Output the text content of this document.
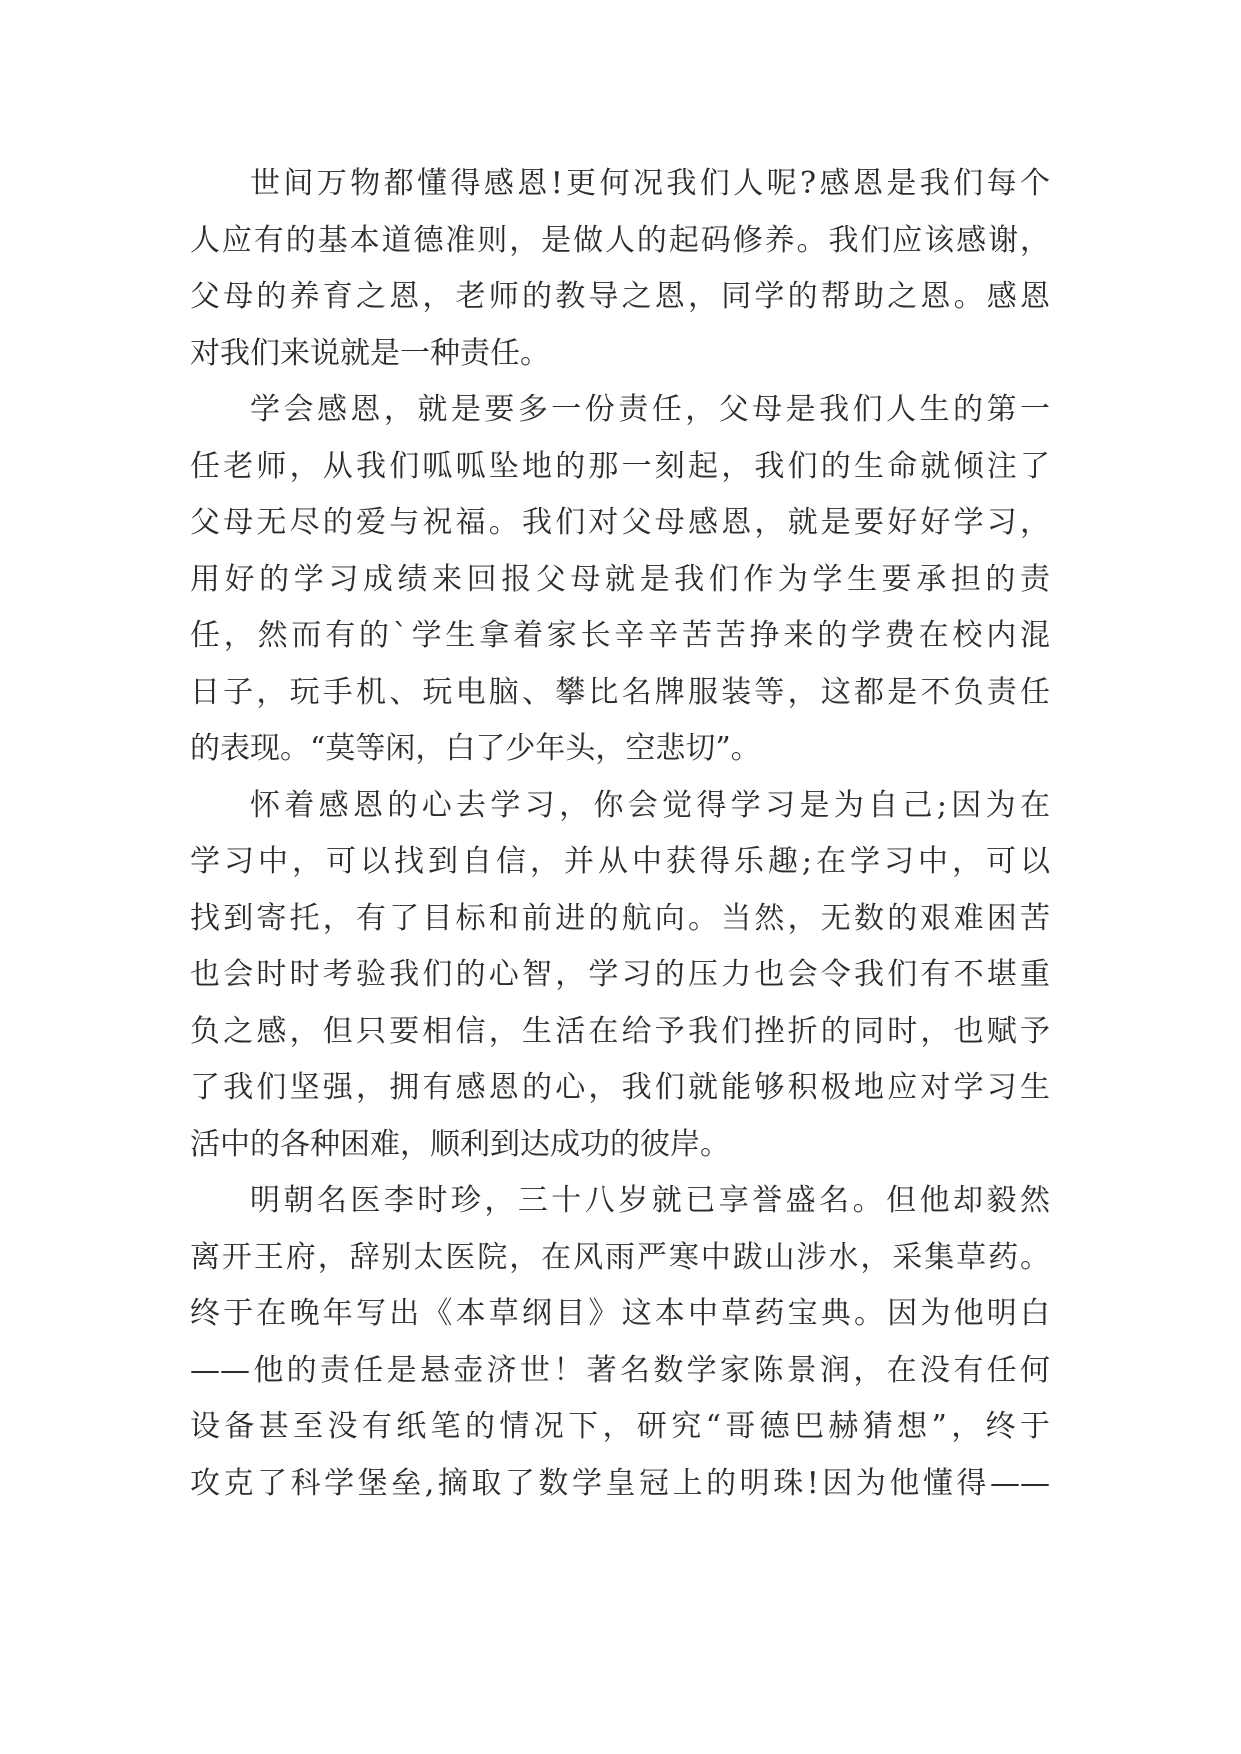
世间万物都懂得感恩!更何况我们人呢?感恩是我们每个
人应有的基本道德准则，是做人的起码修养。我们应该感谢，
父母的养育之恩，老师的教导之恩，同学的帮助之恩。感恩
对我们来说就是一种责任。
学会感恩，就是要多一份责任，父母是我们人生的第一
任老师，从我们呱呱坠地的那一刻起，我们的生命就倾注了
父母无尽的爱与祝福。我们对父母感恩，就是要好好学习，
用好的学习成绩来回报父母就是我们作为学生要承担的责
任，然而有的`学生拿着家长辛辛苦苦挣来的学费在校内混
日子，玩手机、玩电脑、攀比名牌服装等，这都是不负责任
的表现。“莫等闲，白了少年头，空悲切”。
怀着感恩的心去学习，你会觉得学习是为自己;因为在
学习中，可以找到自信，并从中获得乐趣;在学习中，可以
找到寄托，有了目标和前进的航向。当然，无数的艰难困苦
也会时时考验我们的心智，学习的压力也会令我们有不堪重
负之感，但只要相信，生活在给予我们挫折的同时，也赋予
了我们坚强，拥有感恩的心，我们就能够积极地应对学习生
活中的各种困难，顺利到达成功的彼岸。
明朝名医李时珍，三十八岁就已享誉盛名。但他却毅然
离开王府，辞别太医院，在风雨严寒中跋山涉水，采集草药。
终于在晚年写出《本草纲目》这本中草药宝典。因为他明白
——他的责任是悬壶济世！著名数学家陈景润，在没有任何
设备甚至没有纸笔的情况下，研究“哥德巴赫猜想”，终于
攻克了科学堡垒,摘取了数学皇冠上的明珠!因为他懂得——
